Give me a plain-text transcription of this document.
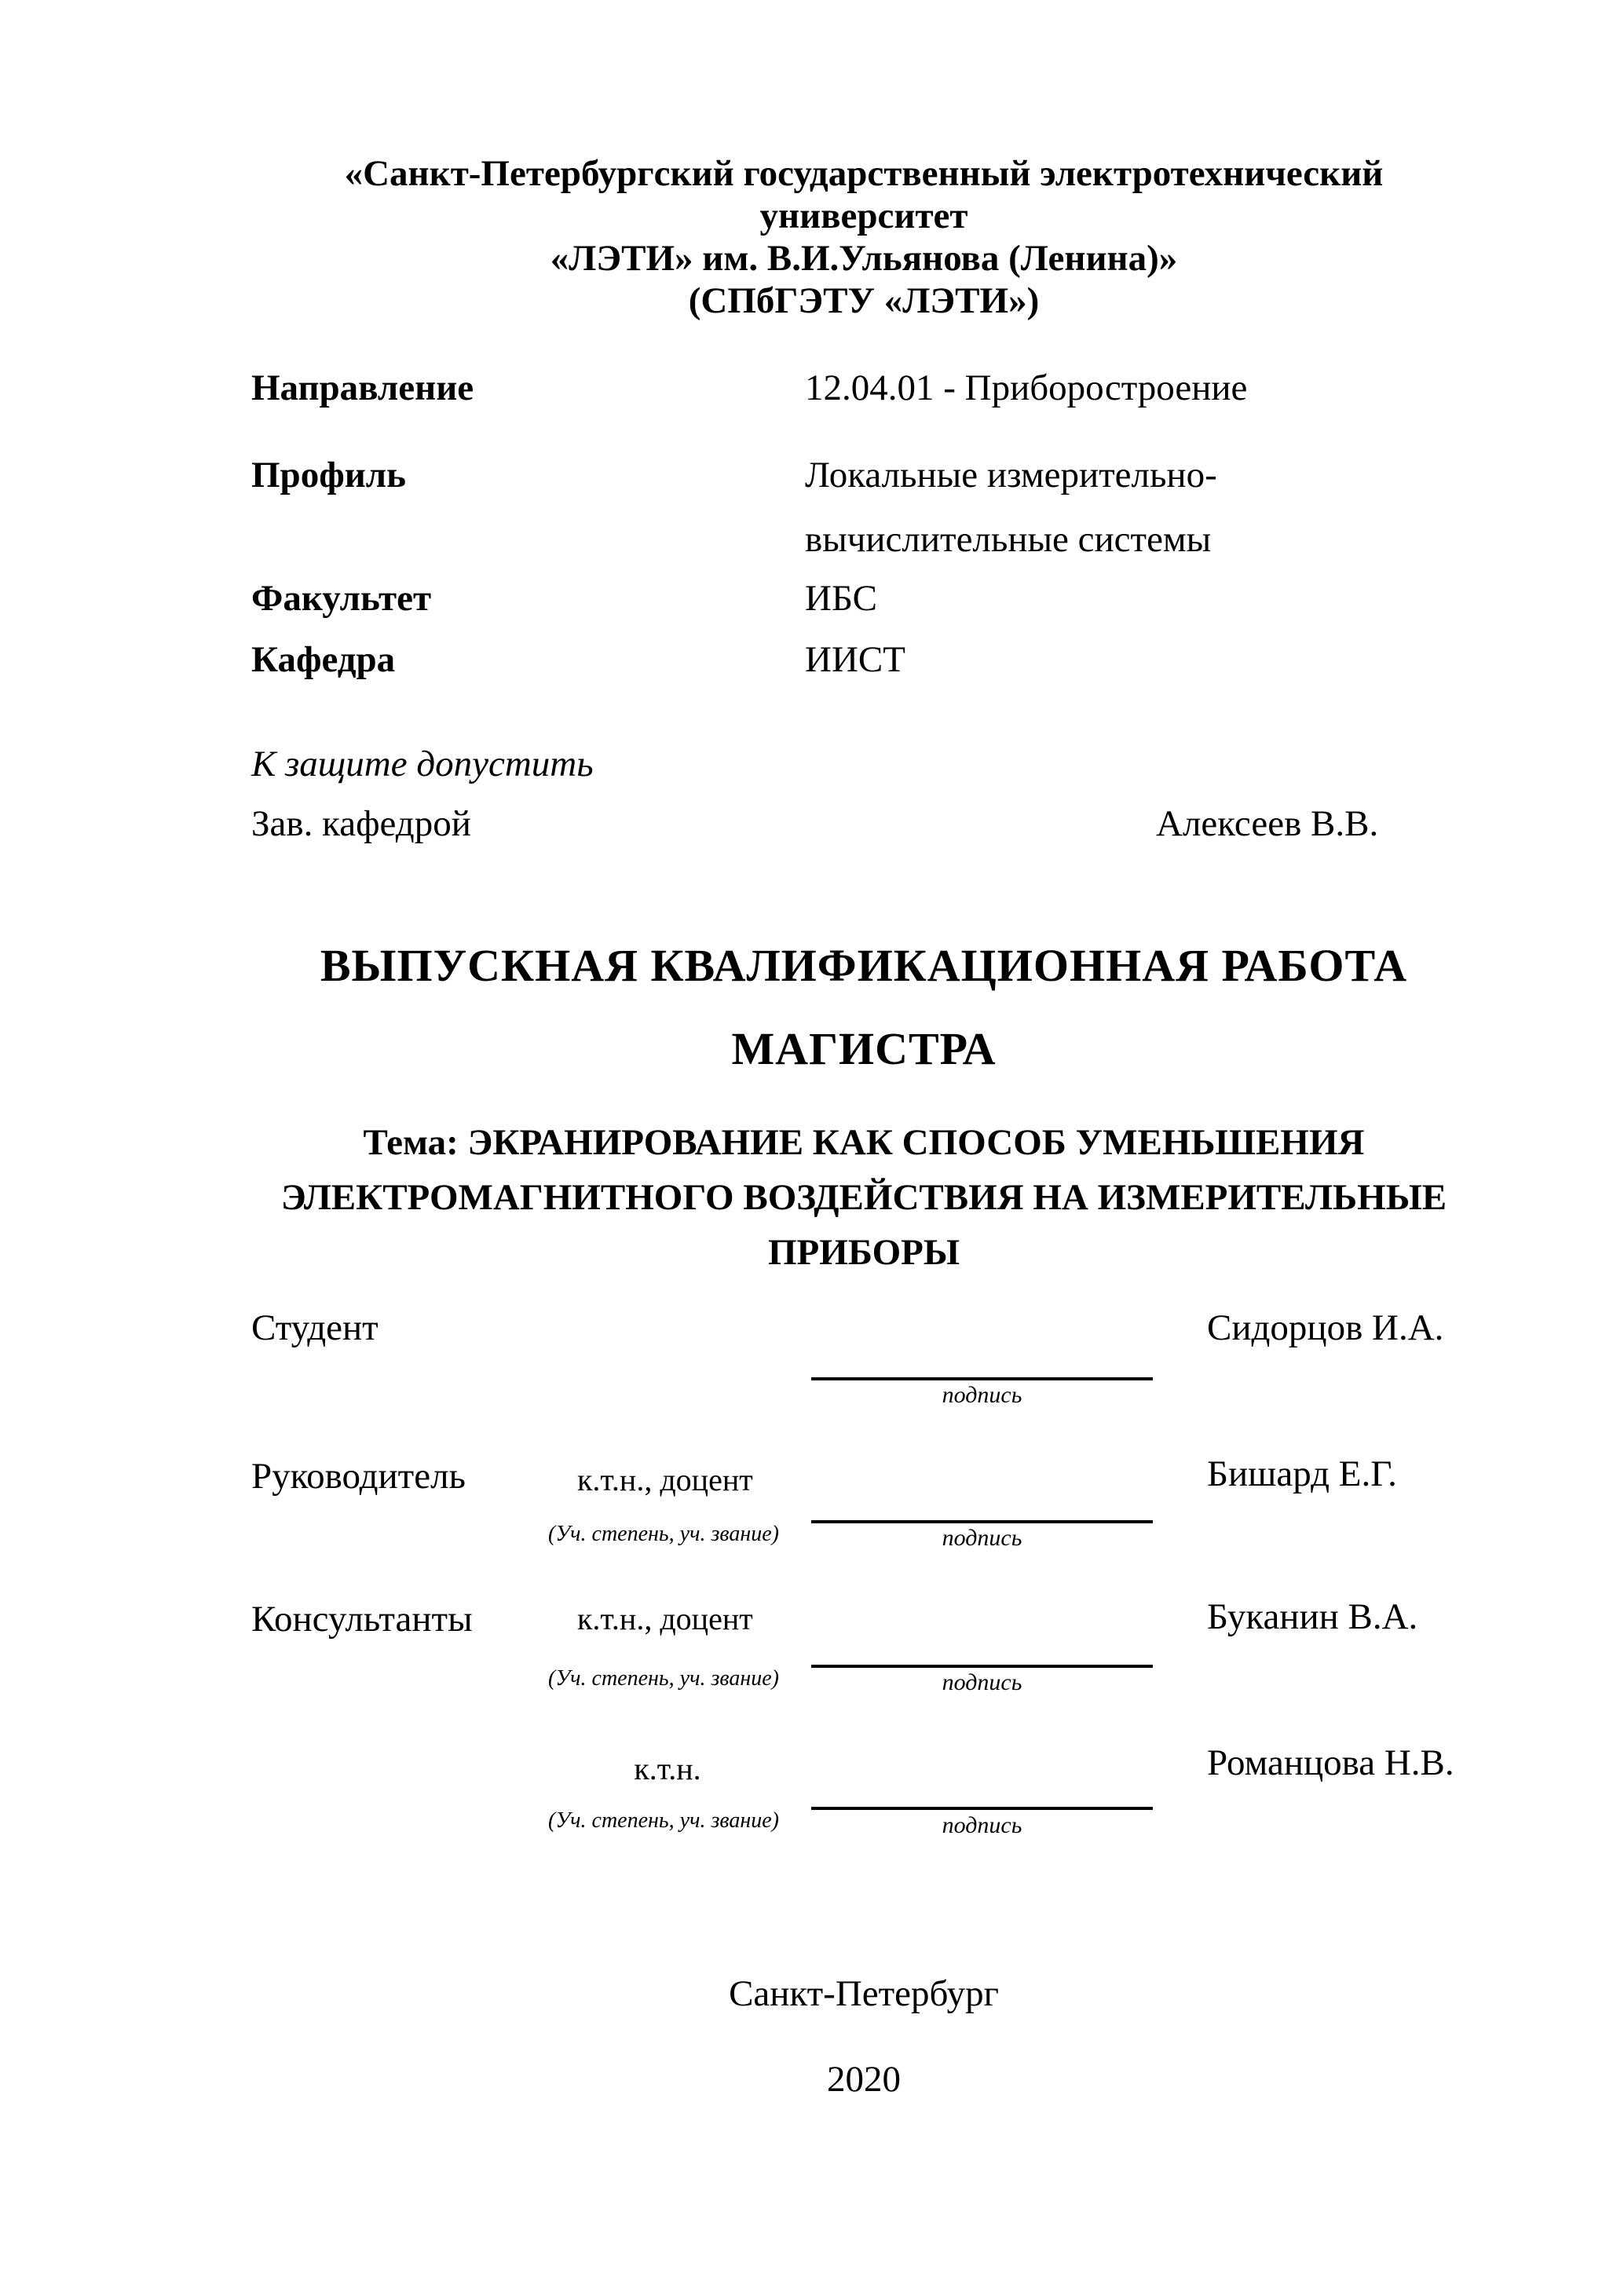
«Санкт-Петербургский государственный электротехнический университет
«ЛЭТИ» им. В.И.Ульянова (Ленина)»
(СПбГЭТУ «ЛЭТИ»)
Направление	12.04.01 - Приборостроение
Профиль	Локальные измерительно-
вычислительные системы
Факультет	ИБС
Кафедра	ИИСТ
К защите допустить
Зав. кафедрой	Алексеев В.В.
ВЫПУСКНАЯ КВАЛИФИКАЦИОННАЯ РАБОТА
МАГИСТРА
Тема: ЭКРАНИРОВАНИЕ КАК СПОСОБ УМЕНЬШЕНИЯ
ЭЛЕКТРОМАГНИТНОГО ВОЗДЕЙСТВИЯ НА ИЗМЕРИТЕЛЬНЫЕ
ПРИБОРЫ
Студент	Сидорцов И.А.
подпись
Руководитель	к.т.н., доцент	Бишард Е.Г.
(Уч. степень, уч. звание)	подпись
Консультанты	к.т.н., доцент	Буканин В.А.
(Уч. степень, уч. звание)	подпись
к.т.н.	Романцова Н.В.
(Уч. степень, уч. звание)	подпись
Санкт-Петербург
2020
